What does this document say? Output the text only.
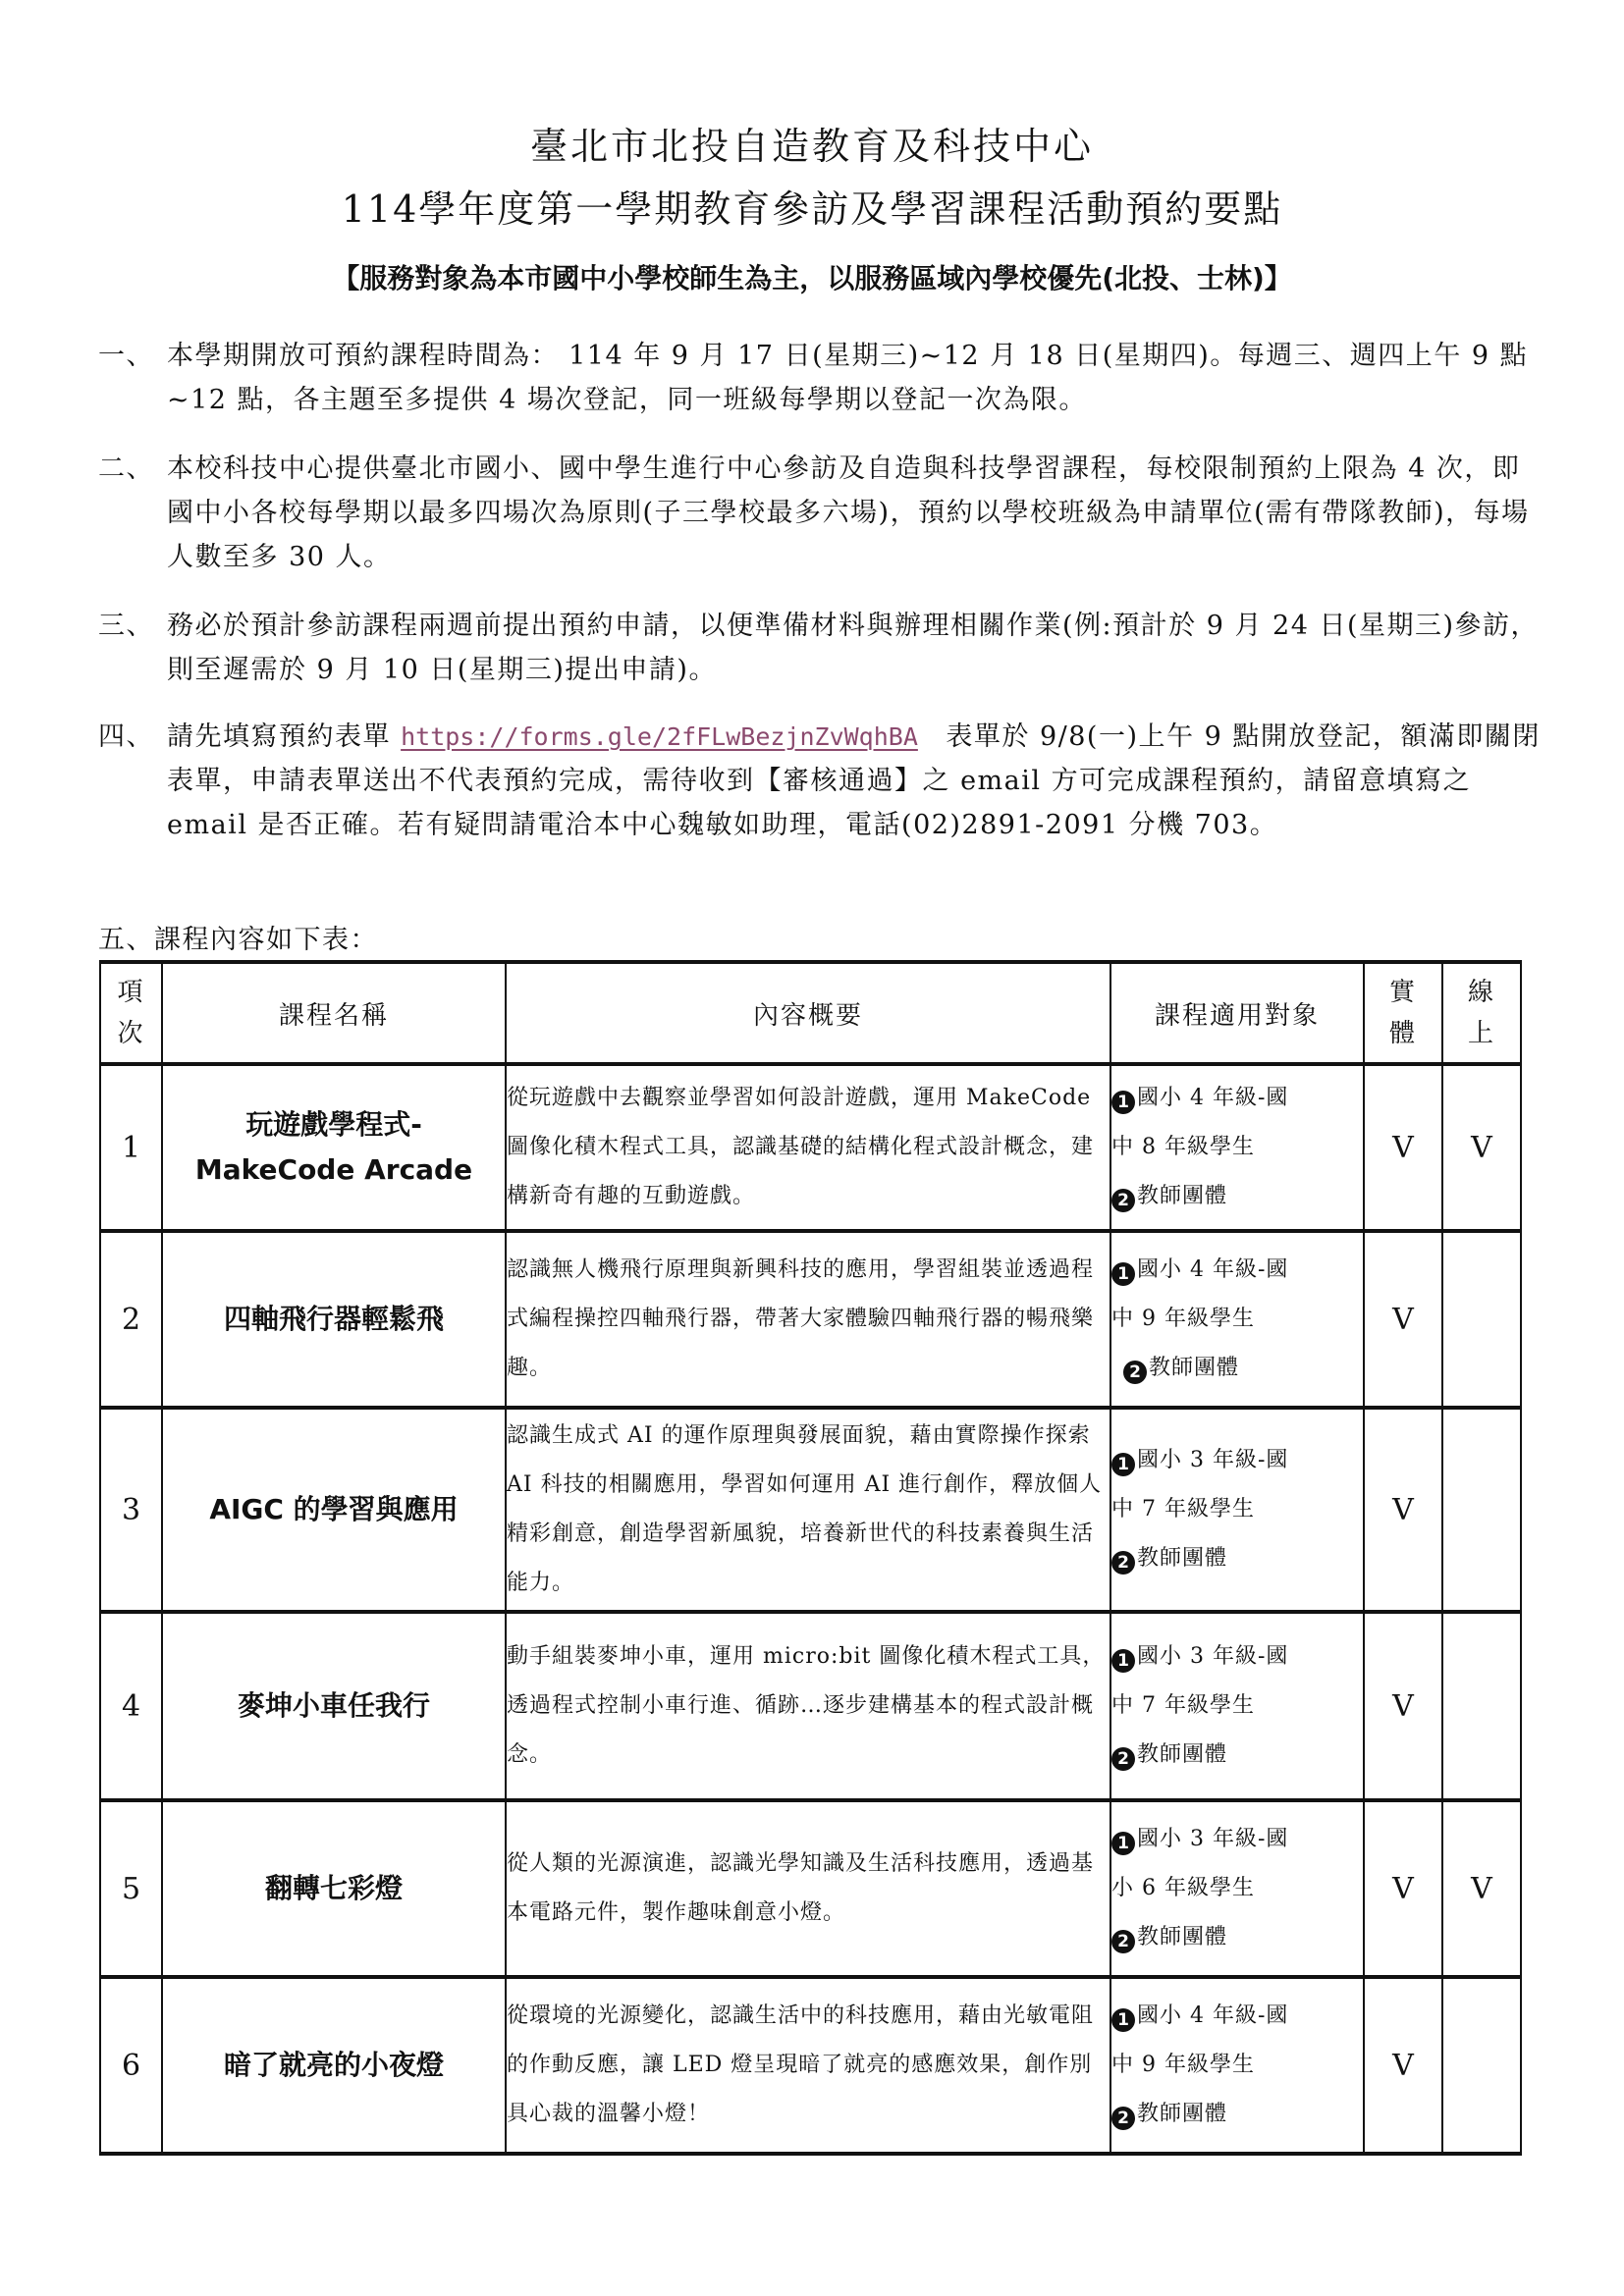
臺北市北投自造教育及科技中心
114學年度第一學期教育參訪及學習課程活動預約要點
【服務對象為本市國中小學校師生為主，以服務區域內學校優先(北投、士林)】
一、 本學期開放可預約課程時間為： 114 年 9 月 17 日(星期三)~12 月 18 日(星期四)。每週三、週四上午 9 點~12 點，各主題至多提供 4 場次登記，同一班級每學期以登記一次為限。
二、 本校科技中心提供臺北市國小、國中學生進行中心參訪及自造與科技學習課程，每校限制預約上限為 4 次，即國中小各校每學期以最多四場次為原則(子三學校最多六場)，預約以學校班級為申請單位(需有帶隊教師)，每場人數至多 30 人。
三、 務必於預計參訪課程兩週前提出預約申請，以便準備材料與辦理相關作業(例:預計於 9 月 24 日(星期三)參訪，則至遲需於 9 月 10 日(星期三)提出申請)。
四、 請先填寫預約表單 https://forms.gle/2fFLwBezjnZvWqhBA　表單於 9/8(一)上午 9 點開放登記，額滿即關閉表單，申請表單送出不代表預約完成，需待收到【審核通過】之 email 方可完成課程預約，請留意填寫之 email 是否正確。若有疑問請電洽本中心魏敏如助理，電話(02)2891-2091 分機 703。
五、課程內容如下表：
項
次	課程名稱	內容概要	課程適用對象	實
體	線
上

1	玩遊戲學程式-
MakeCode Arcade	從玩遊戲中去觀察並學習如何設計遊戲，運用 MakeCode 圖像化積木程式工具，認識基礎的結構化程式設計概念，建構新奇有趣的互動遊戲。	1 國小 4 年級-國
中 8 年級學生
2 教師團體	V	V
2	四軸飛行器輕鬆飛	認識無人機飛行原理與新興科技的應用，學習組裝並透過程式編程操控四軸飛行器，帶著大家體驗四軸飛行器的暢飛樂趣。	1 國小 4 年級-國
中 9 年級學生
2 教師團體	V	
3	AIGC 的學習與應用	認識生成式 AI 的運作原理與發展面貌，藉由實際操作探索 AI 科技的相關應用，學習如何運用 AI 進行創作，釋放個人精彩創意，創造學習新風貌，培養新世代的科技素養與生活能力。	1 國小 3 年級-國
中 7 年級學生
2 教師團體	V	
4	麥坤小車任我行	動手組裝麥坤小車，運用 micro:bit 圖像化積木程式工具，透過程式控制小車行進、循跡…逐步建構基本的程式設計概念。	1 國小 3 年級-國
中 7 年級學生
2 教師團體	V	
5	翻轉七彩燈	從人類的光源演進，認識光學知識及生活科技應用，透過基本電路元件，製作趣味創意小燈。	1 國小 3 年級-國
小 6 年級學生
2 教師團體	V	V
6	暗了就亮的小夜燈	從環境的光源變化，認識生活中的科技應用，藉由光敏電阻的作動反應，讓 LED 燈呈現暗了就亮的感應效果，創作別具心裁的溫馨小燈！	1 國小 4 年級-國
中 9 年級學生
2 教師團體	V	
